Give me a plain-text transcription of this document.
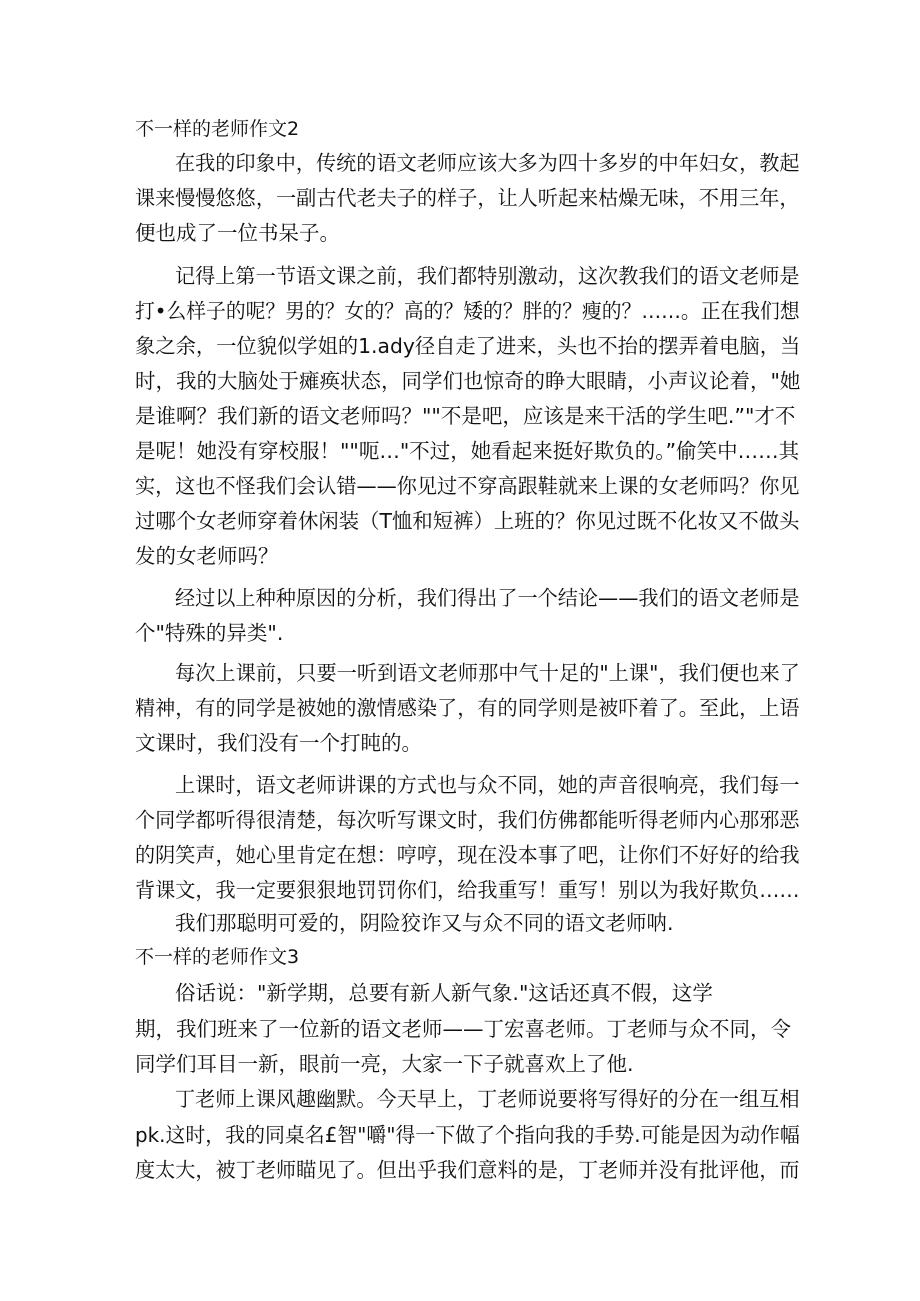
不一样的老师作文2
在我的印象中，传统的语文老师应该大多为四十多岁的中年妇女，教起
课来慢慢悠悠，一副古代老夫子的样子，让人听起来枯燥无味，不用三年，
便也成了一位书呆子。
记得上第一节语文课之前，我们都特别激动，这次教我们的语文老师是
打•么样子的呢？男的？女的？高的？矮的？胖的？瘦的？……。正在我们想
象之余，一位貌似学姐的1.ady径自走了进来，头也不抬的摆弄着电脑，当
时，我的大脑处于瘫痪状态，同学们也惊奇的睁大眼睛，小声议论着，"她
是谁啊？我们新的语文老师吗？""不是吧，应该是来干活的学生吧.”"才不
是呢！她没有穿校服！""呃…"不过，她看起来挺好欺负的。”偷笑中……其
实，这也不怪我们会认错——你见过不穿高跟鞋就来上课的女老师吗？你见
过哪个女老师穿着休闲装（T恤和短裤）上班的？你见过既不化妆又不做头
发的女老师吗？
经过以上种种原因的分析，我们得出了一个结论——我们的语文老师是
个"特殊的异类".
每次上课前，只要一听到语文老师那中气十足的"上课"，我们便也来了
精神，有的同学是被她的激情感染了，有的同学则是被吓着了。至此，上语
文课时，我们没有一个打盹的。
上课时，语文老师讲课的方式也与众不同，她的声音很响亮，我们每一
个同学都听得很清楚，每次听写课文时，我们仿佛都能听得老师内心那邪恶
的阴笑声，她心里肯定在想：哼哼，现在没本事了吧，让你们不好好的给我
背课文，我一定要狠狠地罚罚你们，给我重写！重写！别以为我好欺负……
我们那聪明可爱的，阴险狡诈又与众不同的语文老师呐.
不一样的老师作文3
俗话说："新学期，总要有新人新气象."这话还真不假，这学
期，我们班来了一位新的语文老师——丁宏喜老师。丁老师与众不同，令
同学们耳目一新，眼前一亮，大家一下子就喜欢上了他.
丁老师上课风趣幽默。今天早上，丁老师说要将写得好的分在一组互相
pk.这时，我的同桌名£智"嚼"得一下做了个指向我的手势.可能是因为动作幅
度太大，被丁老师瞄见了。但出乎我们意料的是，丁老师并没有批评他，而
